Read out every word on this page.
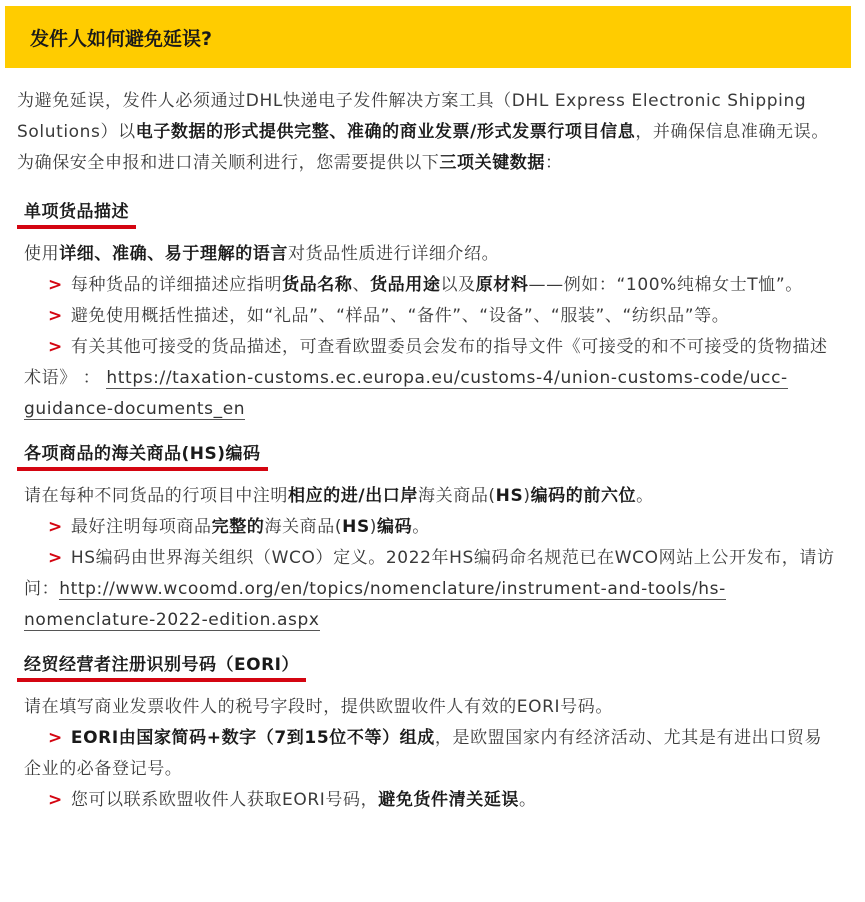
发件人如何避免延误?

为避免延误，发件人必须通过DHL快递电子发件解决方案工具（DHL Express Electronic Shipping Solutions）以电子数据的形式提供完整、准确的商业发票/形式发票行项目信息，并确保信息准确无误。为确保安全申报和进口清关顺利进行，您需要提供以下三项关键数据：

单项货品描述

使用详细、准确、易于理解的语言对货品性质进行详细介绍。

> 每种货品的详细描述应指明货品名称、货品用途以及原材料——例如：“100%纯棉女士T恤”。

> 避免使用概括性描述，如“礼品”、“样品”、“备件”、“设备”、“服装”、“纺织品”等。

> 有关其他可接受的货品描述，可查看欧盟委员会发布的指导文件《可接受的和不可接受的货物描述术语》 ： https://taxation-customs.ec.europa.eu/customs-4/union-customs-code/ucc-guidance-documents_en

各项商品的海关商品(HS)编码

请在每种不同货品的行项目中注明相应的进/出口岸海关商品(HS)编码的前六位。

> 最好注明每项商品完整的海关商品(HS)编码。

> HS编码由世界海关组织（WCO）定义。2022年HS编码命名规范已在WCO网站上公开发布，请访问：http://www.wcoomd.org/en/topics/nomenclature/instrument-and-tools/hs-nomenclature-2022-edition.aspx

经贸经营者注册识别号码（EORI）

请在填写商业发票收件人的税号字段时，提供欧盟收件人有效的EORI号码。

> EORI由国家简码+数字（7到15位不等）组成，是欧盟国家内有经济活动、尤其是有进出口贸易企业的必备登记号。

> 您可以联系欧盟收件人获取EORI号码，避免货件清关延误。
